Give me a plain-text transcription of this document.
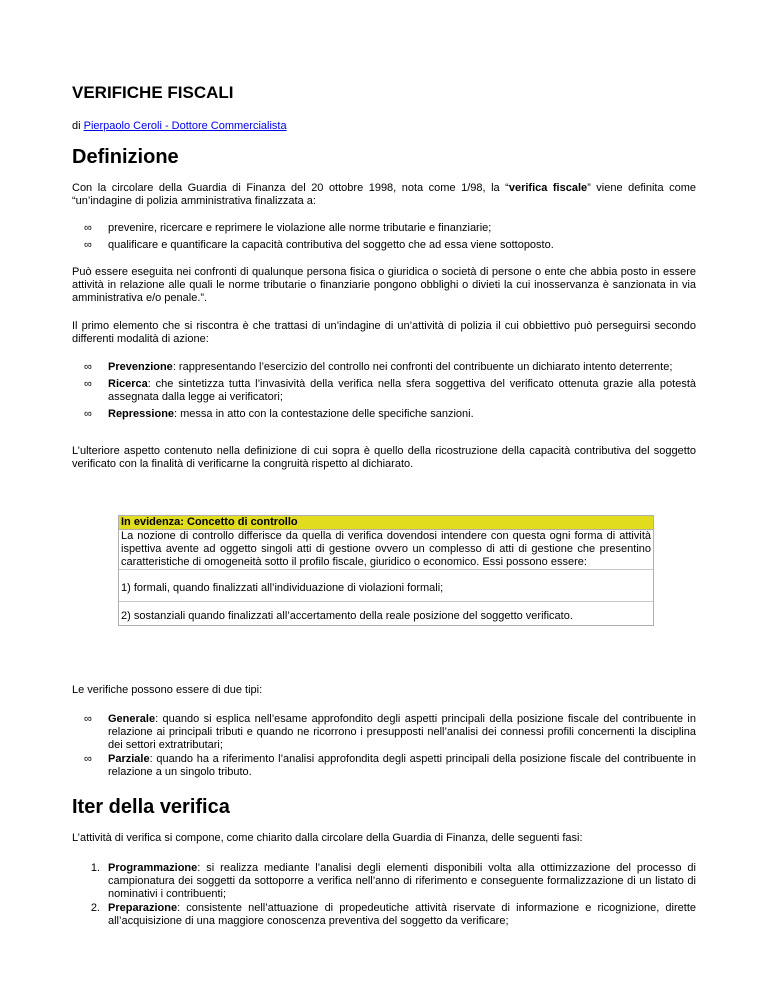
VERIFICHE FISCALI
di Pierpaolo Ceroli - Dottore Commercialista
Definizione

Con la circolare della Guardia di Finanza del 20 ottobre 1998, nota come 1/98, la “verifica fiscale” viene definita come “un’indagine di polizia amministrativa finalizzata a:

∞	prevenire, ricercare e reprimere le violazione alle norme tributarie e finanziarie;
∞	qualificare e quantificare la capacità contributiva del soggetto che ad essa viene sottoposto.

Può essere eseguita nei confronti di qualunque persona fisica o giuridica o società di persone o ente che abbia posto in essere attività in relazione alle quali le norme tributarie o finanziarie pongono obblighi o divieti la cui inosservanza è sanzionata in via amministrativa e/o penale.”.

Il primo elemento che si riscontra è che trattasi di un’indagine di un’attività di polizia il cui obbiettivo può perseguirsi secondo differenti modalità di azione:

∞	Prevenzione: rappresentando l’esercizio del controllo nei confronti del contribuente un dichiarato intento deterrente;
∞	Ricerca: che sintetizza tutta l’invasività della verifica nella sfera soggettiva del verificato ottenuta grazie alla potestà assegnata dalla legge ai verificatori;
∞	Repressione: messa in atto con la contestazione delle specifiche sanzioni.

L’ulteriore aspetto contenuto nella definizione di cui sopra è quello della ricostruzione della capacità contributiva del soggetto verificato con la finalità di verificarne la congruità rispetto al dichiarato.

In evidenza: Concetto di controllo
La nozione di controllo differisce da quella di verifica dovendosi intendere con questa ogni forma di attività ispettiva avente ad oggetto singoli atti di gestione ovvero un complesso di atti di gestione che presentino caratteristiche di omogeneità sotto il profilo fiscale, giuridico o economico. Essi possono essere:
1) formali, quando finalizzati all’individuazione di violazioni formali;
2) sostanziali quando finalizzati all’accertamento della reale posizione del soggetto verificato.

Le verifiche possono essere di due tipi:

∞	Generale: quando si esplica nell’esame approfondito degli aspetti principali della posizione fiscale del contribuente in relazione ai principali tributi e quando ne ricorrono i presupposti nell’analisi dei connessi profili concernenti la disciplina dei settori extratributari;
∞	Parziale: quando ha a riferimento l’analisi approfondita degli aspetti principali della posizione fiscale del contribuente in relazione a un singolo tributo.
Iter della verifica

L’attività di verifica si compone, come chiarito dalla circolare della Guardia di Finanza, delle seguenti fasi:

1. Programmazione: si realizza mediante l’analisi degli elementi disponibili volta alla ottimizzazione del processo di campionatura dei soggetti da sottoporre a verifica nell’anno di riferimento e conseguente formalizzazione di un listato di nominativi i contribuenti;
2. Preparazione: consistente nell’attuazione di propedeutiche attività riservate di informazione e ricognizione, dirette all’acquisizione di una maggiore conoscenza preventiva del soggetto da verificare;
